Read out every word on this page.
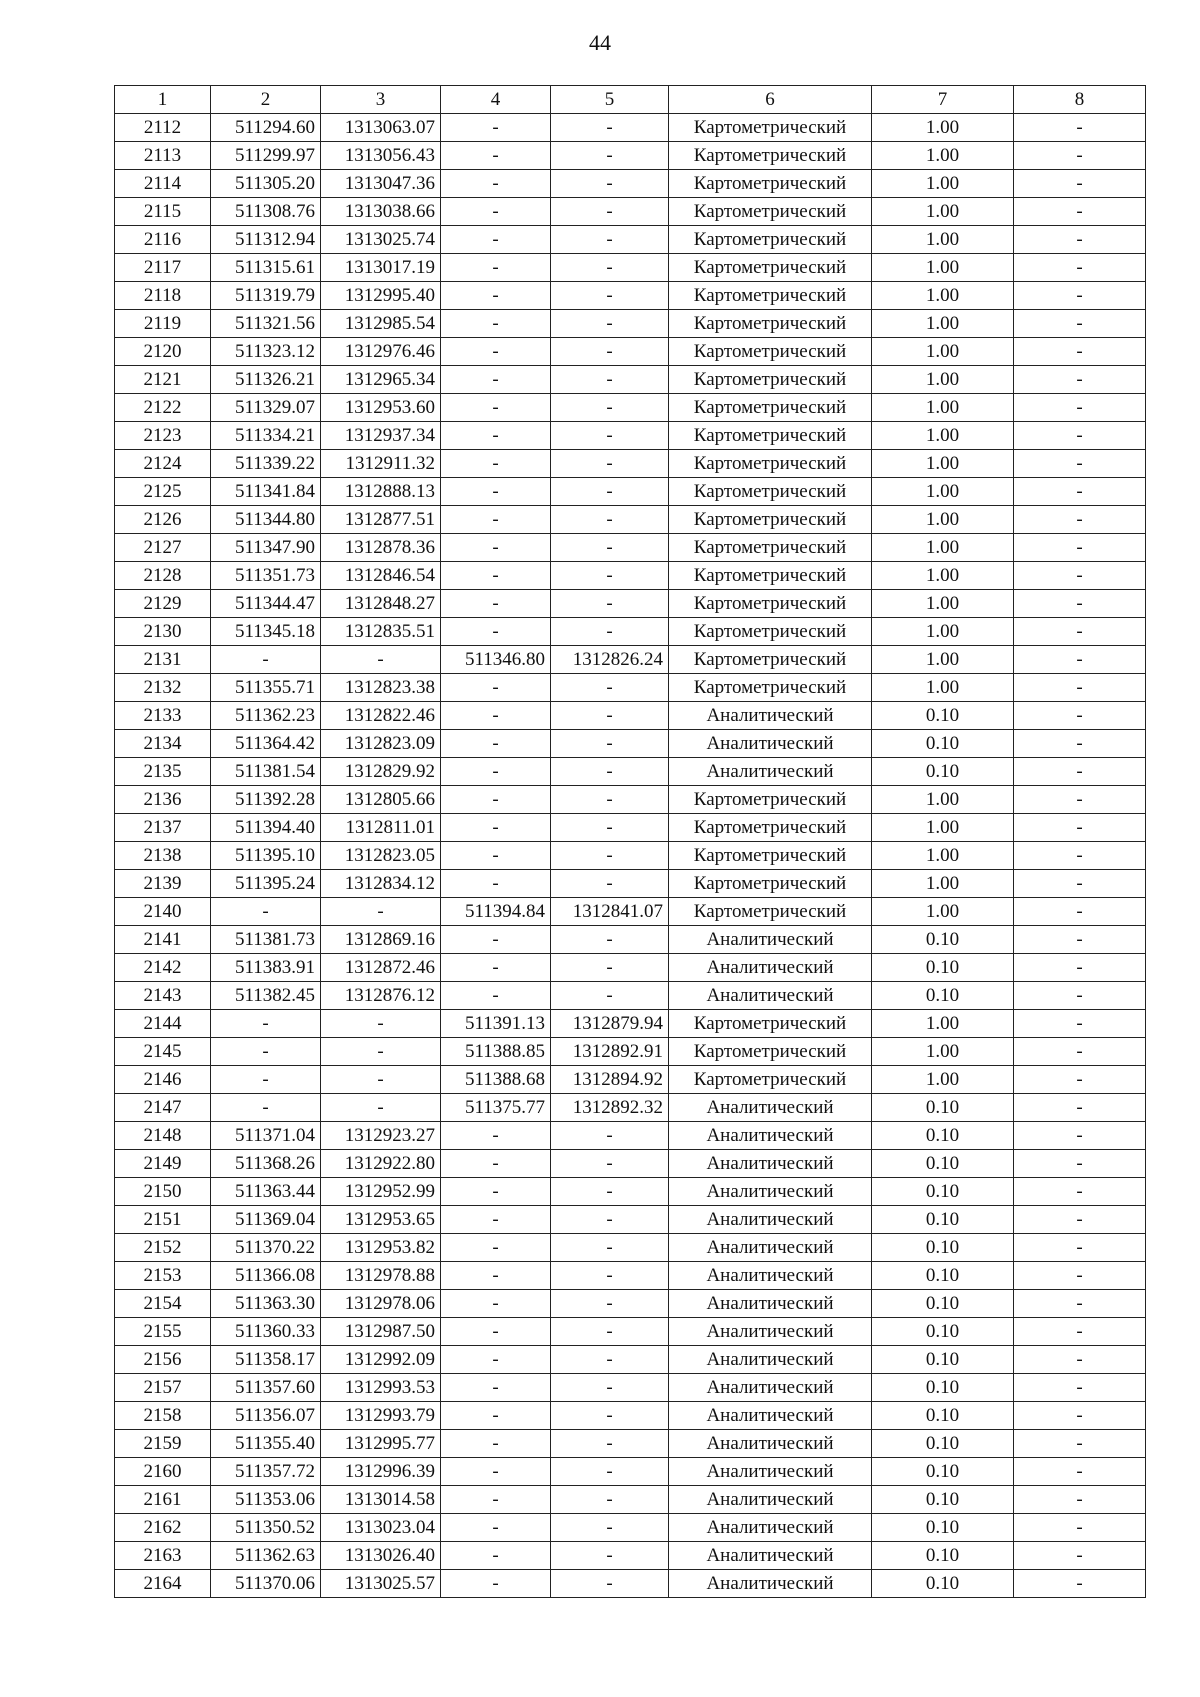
44
1	2	3	4	5	6	7	8
2112	511294.60	1313063.07	-	-	Картометрический	1.00	-
2113	511299.97	1313056.43	-	-	Картометрический	1.00	-
2114	511305.20	1313047.36	-	-	Картометрический	1.00	-
2115	511308.76	1313038.66	-	-	Картометрический	1.00	-
2116	511312.94	1313025.74	-	-	Картометрический	1.00	-
2117	511315.61	1313017.19	-	-	Картометрический	1.00	-
2118	511319.79	1312995.40	-	-	Картометрический	1.00	-
2119	511321.56	1312985.54	-	-	Картометрический	1.00	-
2120	511323.12	1312976.46	-	-	Картометрический	1.00	-
2121	511326.21	1312965.34	-	-	Картометрический	1.00	-
2122	511329.07	1312953.60	-	-	Картометрический	1.00	-
2123	511334.21	1312937.34	-	-	Картометрический	1.00	-
2124	511339.22	1312911.32	-	-	Картометрический	1.00	-
2125	511341.84	1312888.13	-	-	Картометрический	1.00	-
2126	511344.80	1312877.51	-	-	Картометрический	1.00	-
2127	511347.90	1312878.36	-	-	Картометрический	1.00	-
2128	511351.73	1312846.54	-	-	Картометрический	1.00	-
2129	511344.47	1312848.27	-	-	Картометрический	1.00	-
2130	511345.18	1312835.51	-	-	Картометрический	1.00	-
2131	-	-	511346.80	1312826.24	Картометрический	1.00	-
2132	511355.71	1312823.38	-	-	Картометрический	1.00	-
2133	511362.23	1312822.46	-	-	Аналитический	0.10	-
2134	511364.42	1312823.09	-	-	Аналитический	0.10	-
2135	511381.54	1312829.92	-	-	Аналитический	0.10	-
2136	511392.28	1312805.66	-	-	Картометрический	1.00	-
2137	511394.40	1312811.01	-	-	Картометрический	1.00	-
2138	511395.10	1312823.05	-	-	Картометрический	1.00	-
2139	511395.24	1312834.12	-	-	Картометрический	1.00	-
2140	-	-	511394.84	1312841.07	Картометрический	1.00	-
2141	511381.73	1312869.16	-	-	Аналитический	0.10	-
2142	511383.91	1312872.46	-	-	Аналитический	0.10	-
2143	511382.45	1312876.12	-	-	Аналитический	0.10	-
2144	-	-	511391.13	1312879.94	Картометрический	1.00	-
2145	-	-	511388.85	1312892.91	Картометрический	1.00	-
2146	-	-	511388.68	1312894.92	Картометрический	1.00	-
2147	-	-	511375.77	1312892.32	Аналитический	0.10	-
2148	511371.04	1312923.27	-	-	Аналитический	0.10	-
2149	511368.26	1312922.80	-	-	Аналитический	0.10	-
2150	511363.44	1312952.99	-	-	Аналитический	0.10	-
2151	511369.04	1312953.65	-	-	Аналитический	0.10	-
2152	511370.22	1312953.82	-	-	Аналитический	0.10	-
2153	511366.08	1312978.88	-	-	Аналитический	0.10	-
2154	511363.30	1312978.06	-	-	Аналитический	0.10	-
2155	511360.33	1312987.50	-	-	Аналитический	0.10	-
2156	511358.17	1312992.09	-	-	Аналитический	0.10	-
2157	511357.60	1312993.53	-	-	Аналитический	0.10	-
2158	511356.07	1312993.79	-	-	Аналитический	0.10	-
2159	511355.40	1312995.77	-	-	Аналитический	0.10	-
2160	511357.72	1312996.39	-	-	Аналитический	0.10	-
2161	511353.06	1313014.58	-	-	Аналитический	0.10	-
2162	511350.52	1313023.04	-	-	Аналитический	0.10	-
2163	511362.63	1313026.40	-	-	Аналитический	0.10	-
2164	511370.06	1313025.57	-	-	Аналитический	0.10	-
